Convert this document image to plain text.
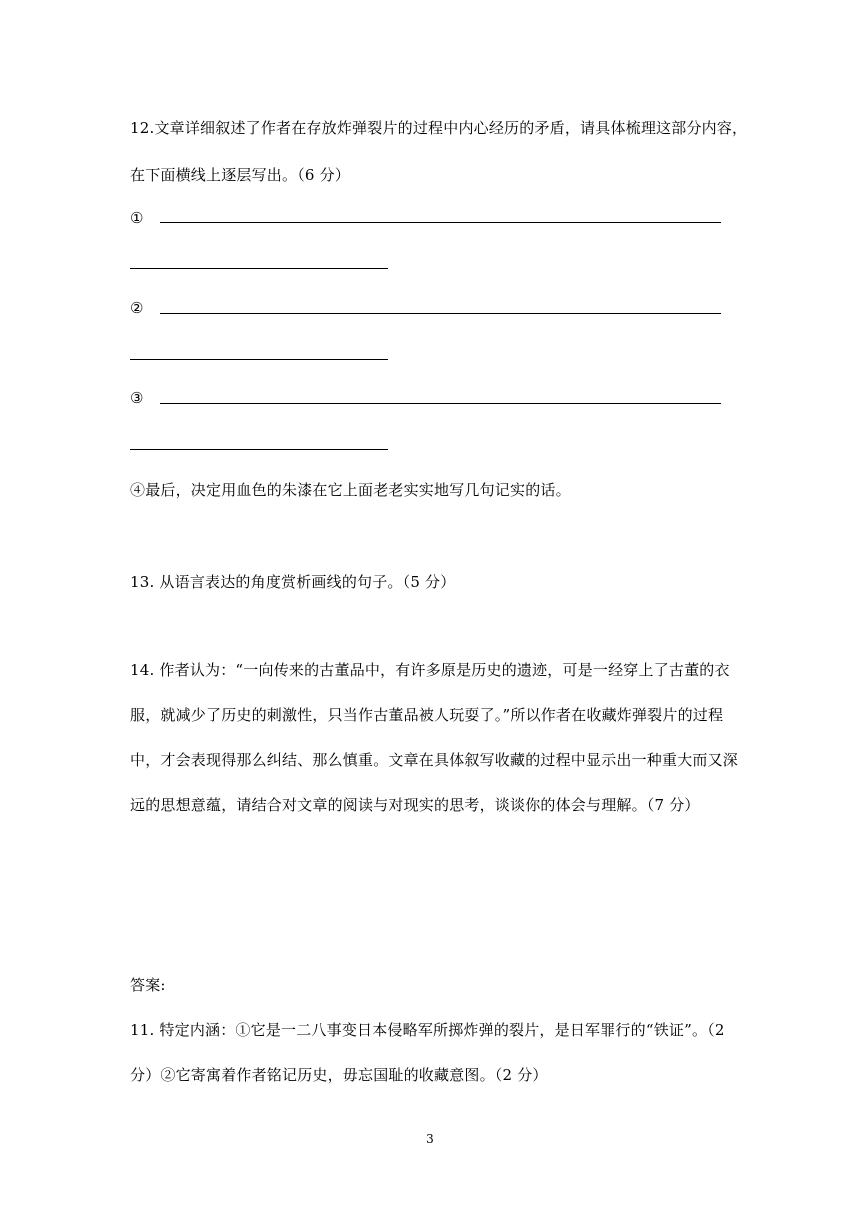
12.文章详细叙述了作者在存放炸弹裂片的过程中内心经历的矛盾，请具体梳理这部分内容，
在下面横线上逐层写出。（6 分）
①
②
③
④最后，决定用血色的朱漆在它上面老老实实地写几句记实的话。
13. 从语言表达的角度赏析画线的句子。（5 分）
14. 作者认为：“一向传来的古董品中，有许多原是历史的遗迹，可是一经穿上了古董的衣
服，就减少了历史的刺激性，只当作古董品被人玩耍了。”所以作者在收藏炸弹裂片的过程
中，才会表现得那么纠结、那么慎重。文章在具体叙写收藏的过程中显示出一种重大而又深
远的思想意蕴，请结合对文章的阅读与对现实的思考，谈谈你的体会与理解。（7 分）
答案:
11. 特定内涵：①它是一二八事变日本侵略军所掷炸弹的裂片，是日军罪行的“铁证”。（2
分）②它寄寓着作者铭记历史，毋忘国耻的收藏意图。（2 分）
3
